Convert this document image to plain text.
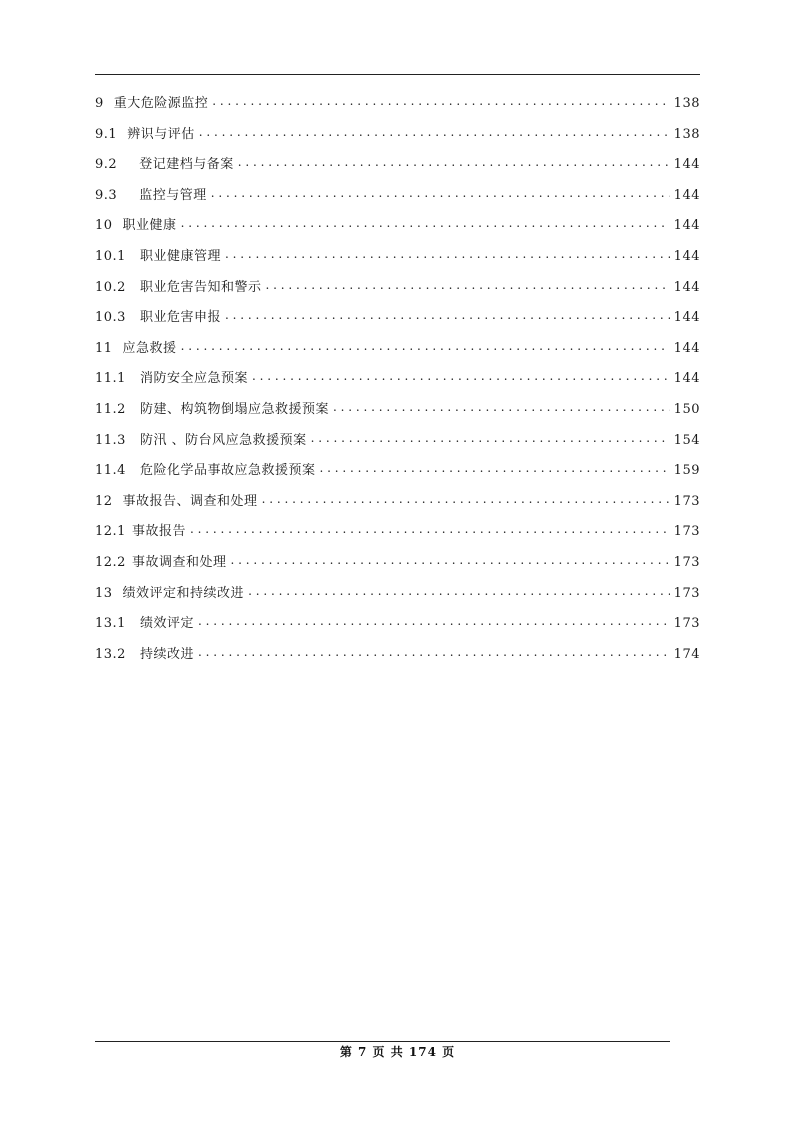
9 重大危险源监控 . . .	138
9.1 辨识与评估 . . .	138
9.2 登记建档与备案 . . .	144
9.3 监控与管理 . . .	144
10 职业健康 . . .	144
10.1 职业健康管理 . . .	144
10.2 职业危害告知和警示 . . .	144
10.3 职业危害申报 . . .	144
11 应急救援 . . .	144
11.1 消防安全应急预案 . . .	144
11.2 防建、构筑物倒塌应急救援预案 . . .	150
11.3 防汛 、防台风应急救援预案 . . .	154
11.4 危险化学品事故应急救援预案 . . .	159
12 事故报告、调查和处理 . . .	173
12.1 事故报告 . . .	173
12.2 事故调查和处理 . . .	173
13 绩效评定和持续改进 . . .	173
13.1 绩效评定 . . .	173
13.2 持续改进 . . .	174
第 7 页 共 174 页
